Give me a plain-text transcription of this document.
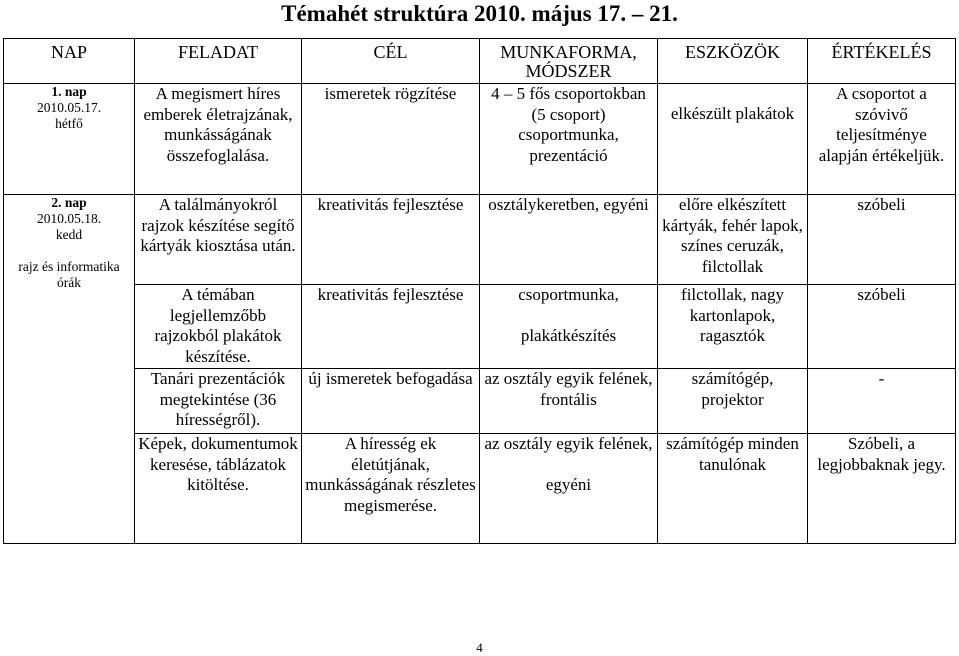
Témahét struktúra 2010. május 17. – 21.
NAP	FELADAT	CÉL	MUNKAFORMA, MÓDSZER	ESZKÖZÖK	ÉRTÉKELÉS

1. nap
2010.05.17.
hétfő	A megismert híres emberek életrajzának, munkásságának összefoglalása.	ismeretek rögzítése	4 – 5 fős csoportokban (5 csoport) csoportmunka, prezentáció	elkészült plakátok	A csoportot a szóvivő teljesítménye alapján értékeljük.

2. nap
2010.05.18.
kedd
rajz és informatika órák	A találmányokról rajzok készítése segítő kártyák kiosztása után.	kreativitás fejlesztése	osztálykeretben, egyéni	előre elkészített kártyák, fehér lapok, színes ceruzák, filctollak	szóbeli
	A témában legjellemzőbb rajzokból plakátok készítése.	kreativitás fejlesztése	csoportmunka,
plakátkészítés	filctollak, nagy kartonlapok, ragasztók	szóbeli
	Tanári prezentációk megtekintése (36 hírességről).	új ismeretek befogadása	az osztály egyik felének, frontális	számítógép, projektor	-
	Képek, dokumentumok keresése, táblázatok kitöltése.	A híresség ek életútjának, munkásságának részletes megismerése.	az osztály egyik felének,
egyéni	számítógép minden tanulónak	Szóbeli, a legjobbaknak jegy.
4
